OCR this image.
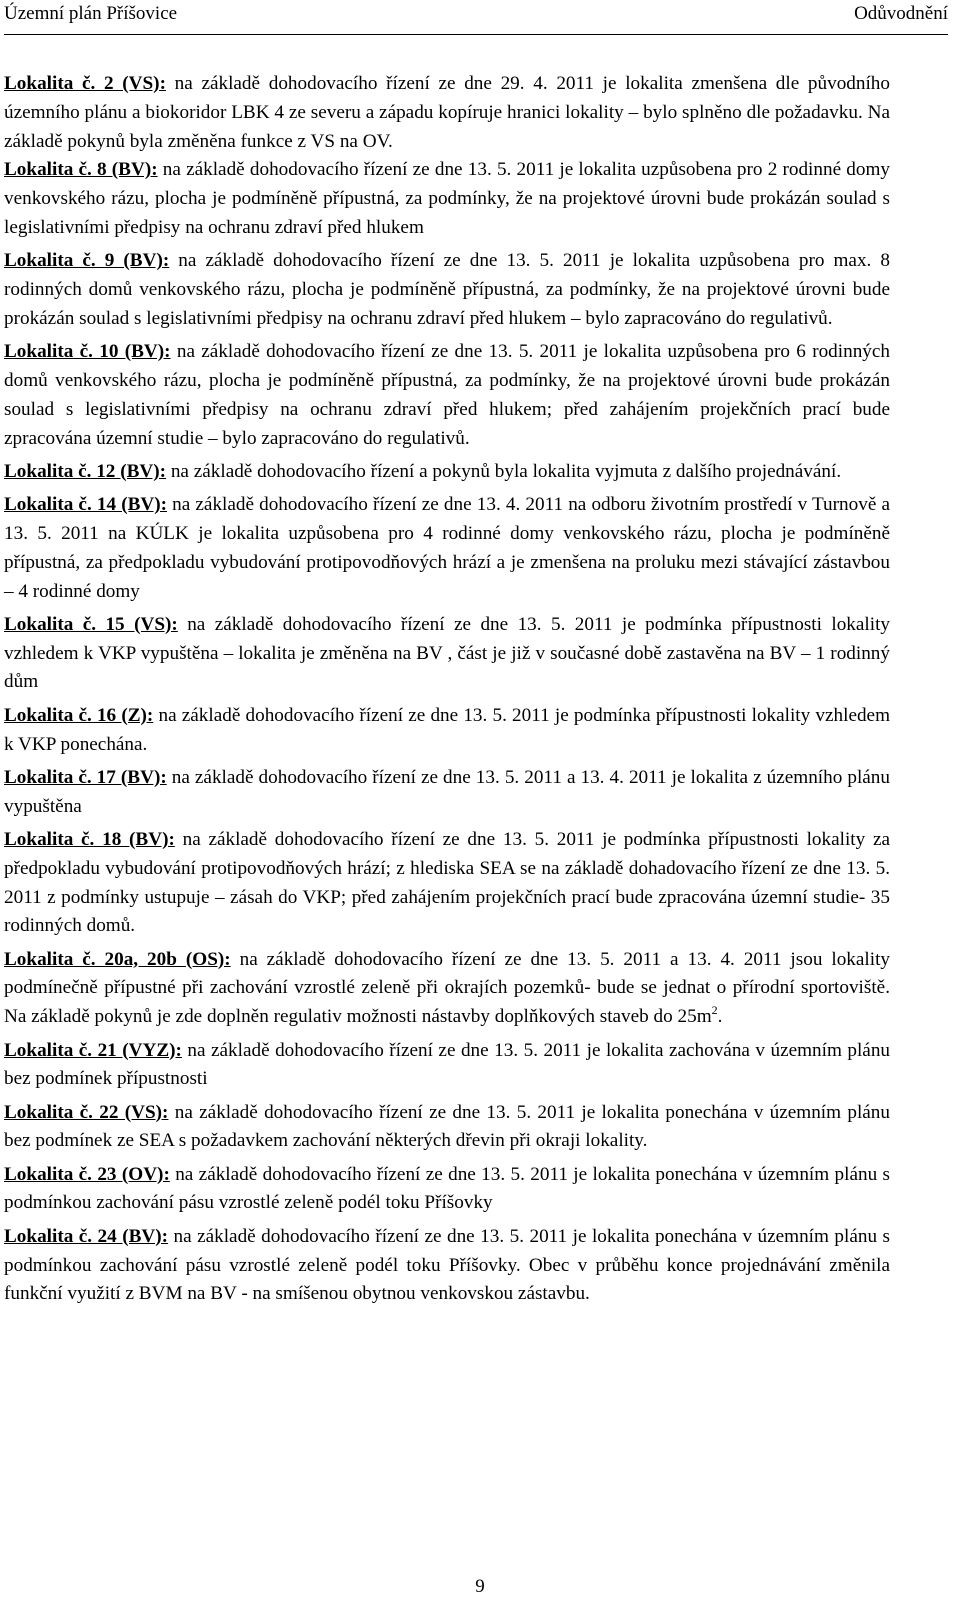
Územní plán Příšovice	Odůvodnění

Lokalita č. 2 (VS): na základě dohodovacího řízení ze dne 29. 4. 2011 je lokalita zmenšena dle původního územního plánu a biokoridor LBK 4 ze severu a západu kopíruje hranici lokality – bylo splněno dle požadavku. Na základě pokynů byla změněna funkce z VS na OV.

Lokalita č. 8 (BV): na základě dohodovacího řízení ze dne 13. 5. 2011 je lokalita uzpůsobena pro 2 rodinné domy venkovského rázu, plocha je podmíněně přípustná, za podmínky, že na projektové úrovni bude prokázán soulad s legislativními předpisy na ochranu zdraví před hlukem

Lokalita č. 9 (BV): na základě dohodovacího řízení ze dne 13. 5. 2011 je lokalita uzpůsobena pro max. 8 rodinných domů venkovského rázu, plocha je podmíněně přípustná, za podmínky, že na projektové úrovni bude prokázán soulad s legislativními předpisy na ochranu zdraví před hlukem – bylo zapracováno do regulativů.

Lokalita č. 10 (BV): na základě dohodovacího řízení ze dne 13. 5. 2011 je lokalita uzpůsobena pro 6 rodinných domů venkovského rázu, plocha je podmíněně přípustná, za podmínky, že na projektové úrovni bude prokázán soulad s legislativními předpisy na ochranu zdraví před hlukem; před zahájením projekčních prací bude zpracována územní studie – bylo zapracováno do regulativů.

Lokalita č. 12 (BV): na základě dohodovacího řízení a pokynů byla lokalita vyjmuta z dalšího projednávání.

Lokalita č. 14 (BV): na základě dohodovacího řízení ze dne 13. 4. 2011 na odboru životním prostředí v Turnově a 13. 5. 2011 na KÚLK je lokalita uzpůsobena pro 4 rodinné domy venkovského rázu, plocha je podmíněně přípustná, za předpokladu vybudování protipovodňových hrází a je zmenšena na proluku mezi stávající zástavbou – 4 rodinné domy

Lokalita č. 15 (VS): na základě dohodovacího řízení ze dne 13. 5. 2011 je podmínka přípustnosti lokality vzhledem k VKP vypuštěna – lokalita je změněna na BV , část je již v současné době zastavěna na BV – 1 rodinný dům

Lokalita č. 16 (Z): na základě dohodovacího řízení ze dne 13. 5. 2011 je podmínka přípustnosti lokality vzhledem k VKP ponechána.

Lokalita č. 17 (BV): na základě dohodovacího řízení ze dne 13. 5. 2011 a 13. 4. 2011 je lokalita z územního plánu vypuštěna

Lokalita č. 18 (BV): na základě dohodovacího řízení ze dne 13. 5. 2011 je podmínka přípustnosti lokality za předpokladu vybudování protipovodňových hrází; z hlediska SEA se na základě dohadovacího řízení ze dne 13. 5. 2011 z podmínky ustupuje – zásah do VKP; před zahájením projekčních prací bude zpracována územní studie- 35 rodinných domů.

Lokalita č. 20a, 20b (OS): na základě dohodovacího řízení ze dne 13. 5. 2011 a 13. 4. 2011 jsou lokality podmínečně přípustné při zachování vzrostlé zeleně při okrajích pozemků- bude se jednat o přírodní sportoviště. Na základě pokynů je zde doplněn regulativ možnosti nástavby doplňkových staveb do $25m^2$.

Lokalita č. 21 (VYZ): na základě dohodovacího řízení ze dne 13. 5. 2011 je lokalita zachována v územním plánu bez podmínek přípustnosti

Lokalita č. 22 (VS): na základě dohodovacího řízení ze dne 13. 5. 2011 je lokalita ponechána v územním plánu bez podmínek ze SEA s požadavkem zachování některých dřevin při okraji lokality.

Lokalita č. 23 (OV): na základě dohodovacího řízení ze dne 13. 5. 2011 je lokalita ponechána v územním plánu s podmínkou zachování pásu vzrostlé zeleně podél toku Příšovky

Lokalita č. 24 (BV): na základě dohodovacího řízení ze dne 13. 5. 2011 je lokalita ponechána v územním plánu s podmínkou zachování pásu vzrostlé zeleně podél toku Příšovky. Obec v průběhu konce projednávání změnila funkční využití z BVM na BV - na smíšenou obytnou venkovskou zástavbu.

9
